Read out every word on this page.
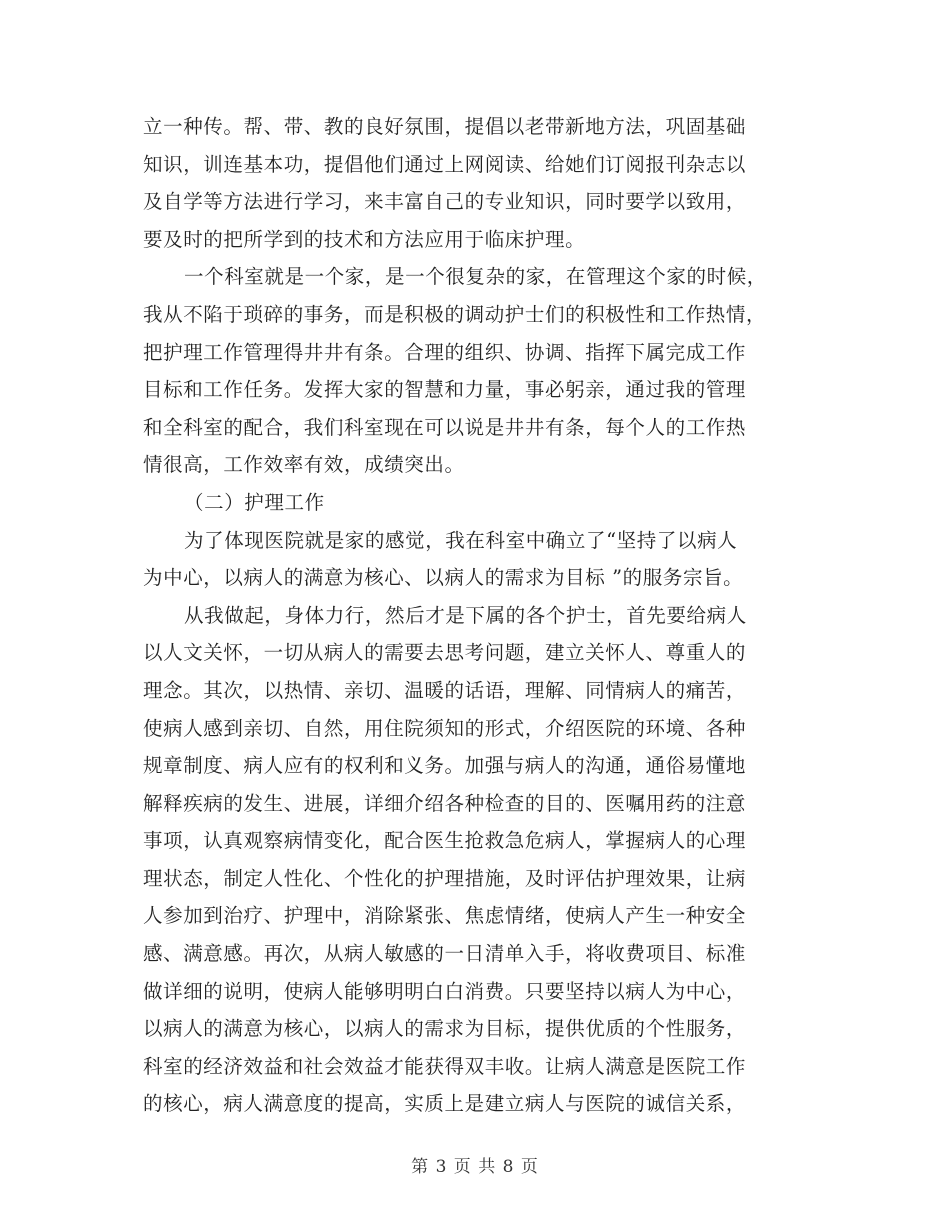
立一种传。帮、带、教的良好氛围，提倡以老带新地方法，巩固基础
知识，训连基本功，提倡他们通过上网阅读、给她们订阅报刊杂志以
及自学等方法进行学习，来丰富自己的专业知识，同时要学以致用，
要及时的把所学到的技术和方法应用于临床护理。
一个科室就是一个家，是一个很复杂的家，在管理这个家的时候，
我从不陷于琐碎的事务，而是积极的调动护士们的积极性和工作热情，
把护理工作管理得井井有条。合理的组织、协调、指挥下属完成工作
目标和工作任务。发挥大家的智慧和力量，事必躬亲，通过我的管理
和全科室的配合，我们科室现在可以说是井井有条，每个人的工作热
情很高，工作效率有效，成绩突出。
（二）护理工作
为了体现医院就是家的感觉，我在科室中确立了“坚持了以病人
为中心，以病人的满意为核心、以病人的需求为目标 ”的服务宗旨。
从我做起，身体力行，然后才是下属的各个护士，首先要给病人
以人文关怀，一切从病人的需要去思考问题，建立关怀人、尊重人的
理念。其次，以热情、亲切、温暖的话语，理解、同情病人的痛苦，
使病人感到亲切、自然，用住院须知的形式，介绍医院的环境、各种
规章制度、病人应有的权利和义务。加强与病人的沟通，通俗易懂地
解释疾病的发生、进展，详细介绍各种检查的目的、医嘱用药的注意
事项，认真观察病情变化，配合医生抢救急危病人，掌握病人的心理
理状态，制定人性化、个性化的护理措施，及时评估护理效果，让病
人参加到治疗、护理中，消除紧张、焦虑情绪，使病人产生一种安全
感、满意感。再次，从病人敏感的一日清单入手，将收费项目、标准
做详细的说明，使病人能够明明白白消费。只要坚持以病人为中心，
以病人的满意为核心，以病人的需求为目标，提供优质的个性服务，
科室的经济效益和社会效益才能获得双丰收。让病人满意是医院工作
的核心，病人满意度的提高，实质上是建立病人与医院的诚信关系，
第 3 页 共 8 页
